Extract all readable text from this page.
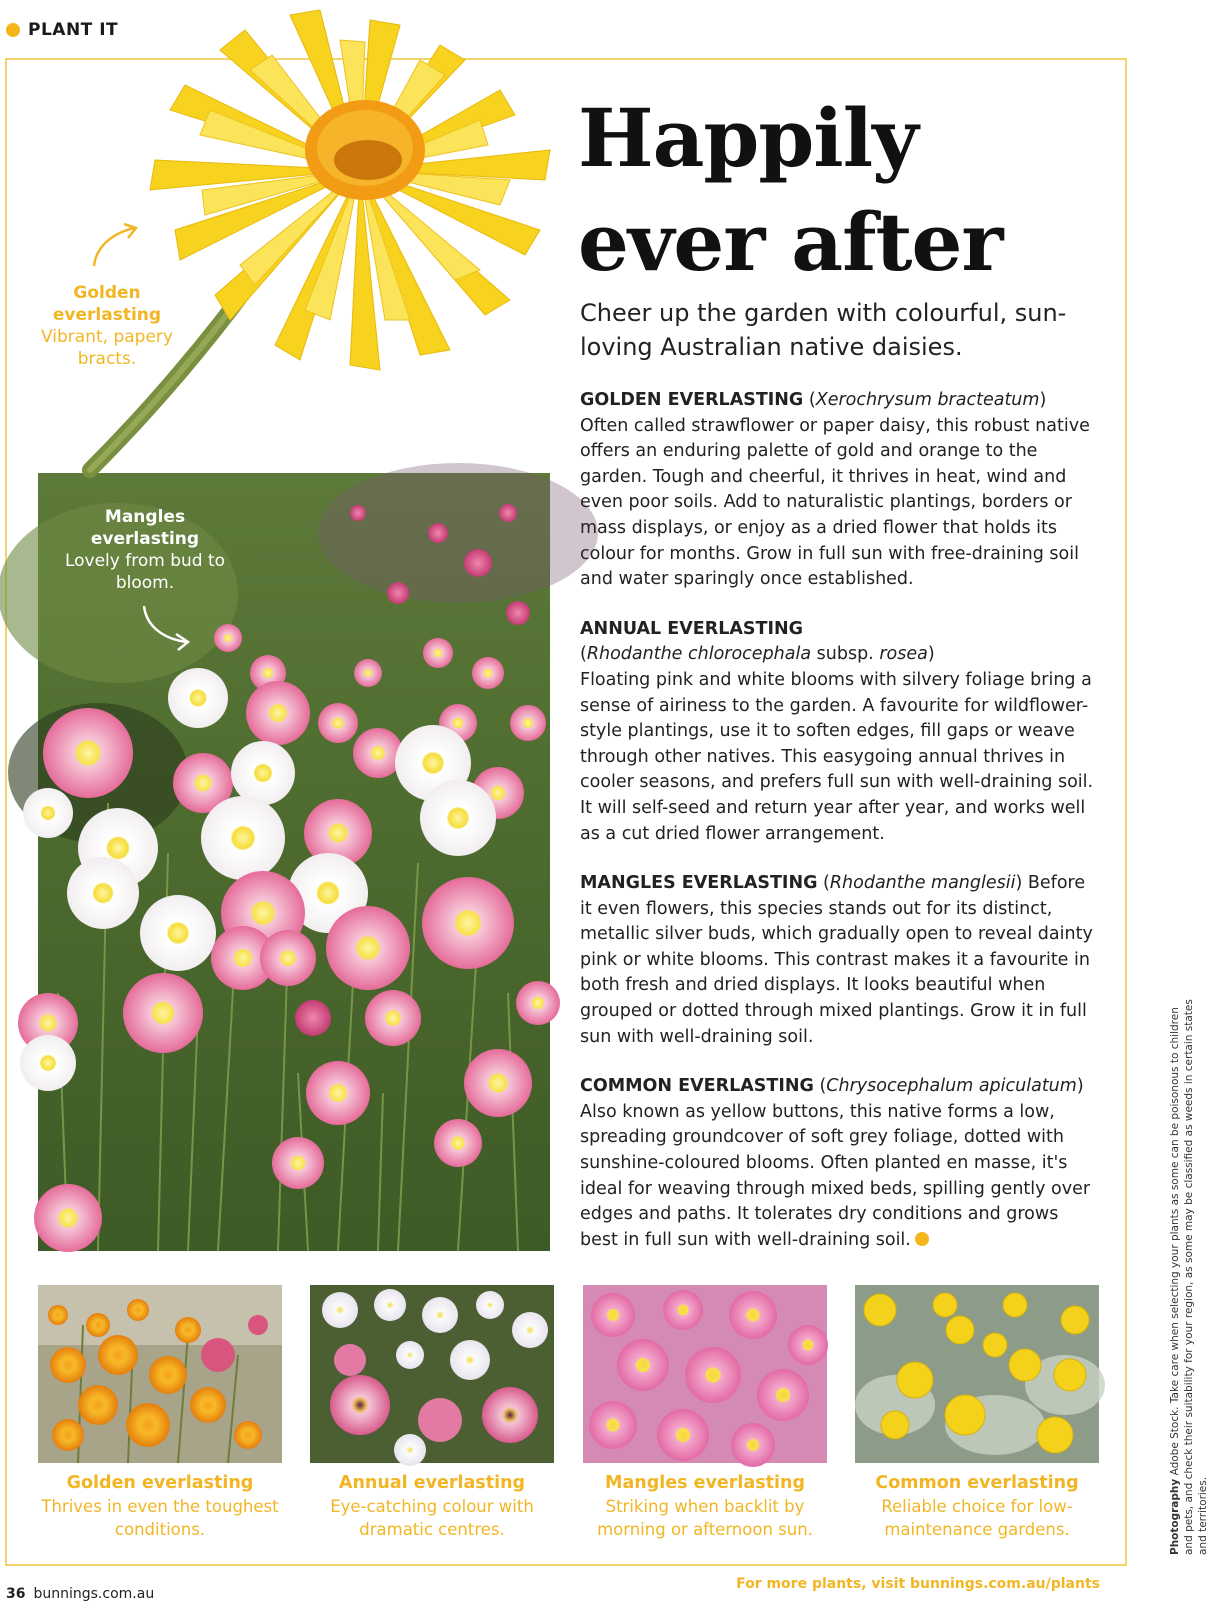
PLANT IT
Golden everlasting
Vibrant, papery bracts.
Mangles everlasting
Lovely from bud to bloom.
Happily
ever after

Cheer up the garden with colourful, sun-loving Australian native daisies.

GOLDEN EVERLASTING (Xerochrysum bracteatum) Often called strawflower or paper daisy, this robust native offers an enduring palette of gold and orange to the garden. Tough and cheerful, it thrives in heat, wind and even poor soils. Add to naturalistic plantings, borders or mass displays, or enjoy as a dried flower that holds its colour for months. Grow in full sun with free-draining soil and water sparingly once established.
ANNUAL EVERLASTING
(Rhodanthe chlorocephala subsp. rosea)
Floating pink and white blooms with silvery foliage bring a sense of airiness to the garden. A favourite for wildflower-style plantings, use it to soften edges, fill gaps or weave through other natives. This easygoing annual thrives in cooler seasons, and prefers full sun with well-draining soil. It will self-seed and return year after year, and works well as a cut dried flower arrangement.
MANGLES EVERLASTING (Rhodanthe manglesii) Before it even flowers, this species stands out for its distinct, metallic silver buds, which gradually open to reveal dainty pink or white blooms. This contrast makes it a favourite in both fresh and dried displays. It looks beautiful when grouped or dotted through mixed plantings. Grow it in full sun with well-draining soil.
COMMON EVERLASTING (Chrysocephalum apiculatum) Also known as yellow buttons, this native forms a low, spreading groundcover of soft grey foliage, dotted with sunshine-coloured blooms. Often planted en masse, it's ideal for weaving through mixed beds, spilling gently over edges and paths. It tolerates dry conditions and grows best in full sun with well-draining soil.
Golden everlasting
Thrives in even the toughest conditions.
Annual everlasting
Eye-catching colour with dramatic centres.
Mangles everlasting
Striking when backlit by morning or afternoon sun.
Common everlasting
Reliable choice for low-maintenance gardens.	Photography Adobe Stock. Take care when selecting your plants as some can be poisonous to children and pets, and check their suitability for your region, as some may be classified as weeds in certain states and territories.
36 bunnings.com.au
For more plants, visit bunnings.com.au/plants
